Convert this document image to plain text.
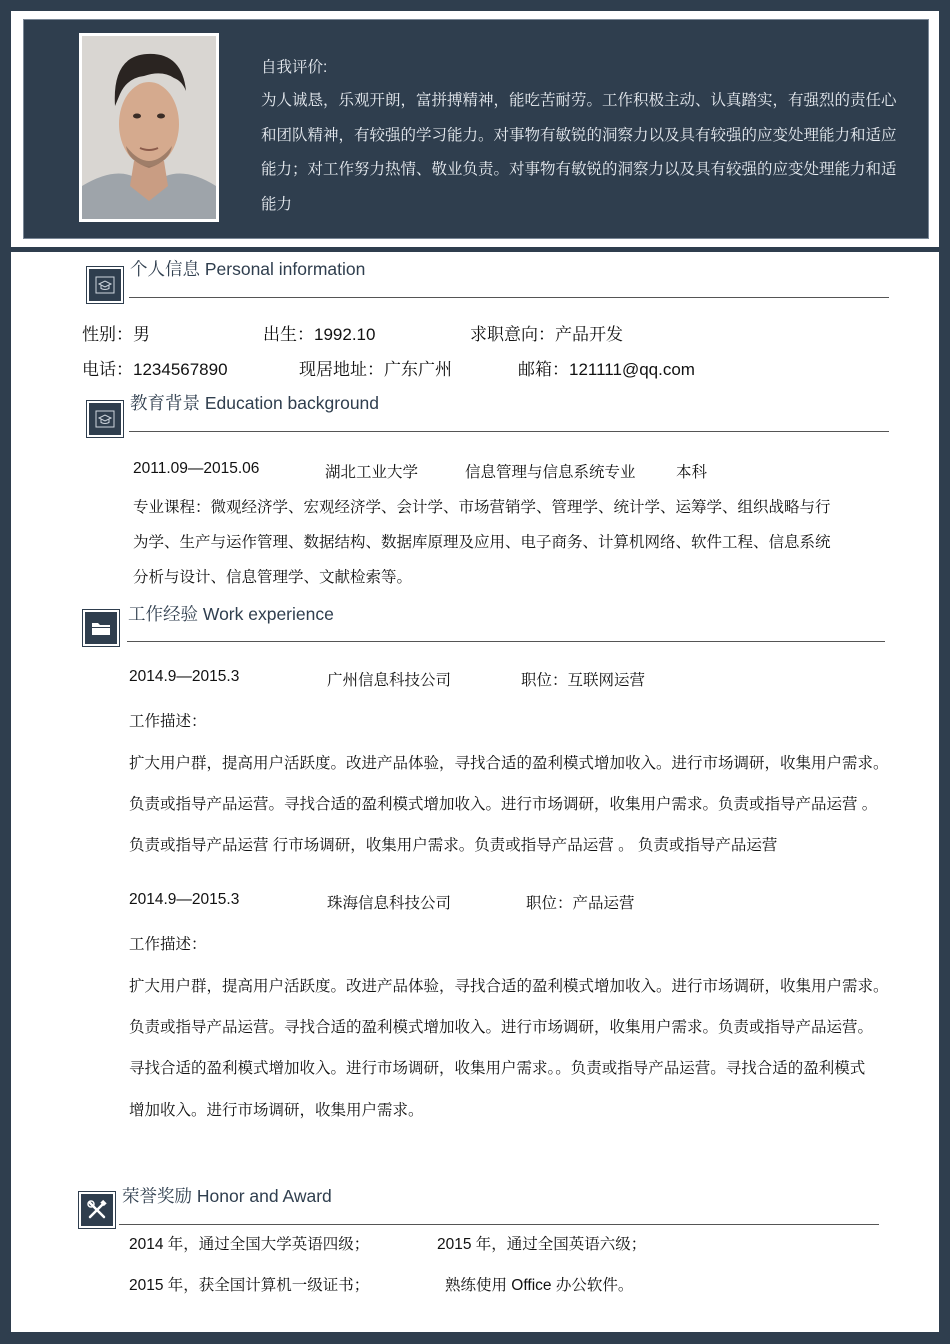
自我评价:
为人诚恳，乐观开朗，富拼搏精神，能吃苦耐劳。工作积极主动、认真踏实，有强烈的责任心和团队精神，有较强的学习能力。对事物有敏锐的洞察力以及具有较强的应变处理能力和适应能力；对工作努力热情、敬业负责。对事物有敏锐的洞察力以及具有较强的应变处理能力和适能力
个人信息 Personal information
性别：男	出生：1992.10	求职意向：产品开发
电话：1234567890	现居地址：广东广州	邮箱：121111@qq.com
教育背景 Education background
2011.09—2015.06	湖北工业大学	信息管理与信息系统专业	本科
专业课程：微观经济学、宏观经济学、会计学、市场营销学、管理学、统计学、运筹学、组织战略与行
为学、生产与运作管理、数据结构、数据库原理及应用、电子商务、计算机网络、软件工程、信息系统
分析与设计、信息管理学、文献检索等。
工作经验 Work experience
2014.9—2015.3	广州信息科技公司	职位：互联网运营
工作描述：
扩大用户群，提高用户活跃度。改进产品体验，寻找合适的盈利模式增加收入。进行市场调研，收集用户需求。
负责或指导产品运营。寻找合适的盈利模式增加收入。进行市场调研，收集用户需求。负责或指导产品运营 。
负责或指导产品运营 行市场调研，收集用户需求。负责或指导产品运营 。 负责或指导产品运营
2014.9—2015.3	珠海信息科技公司	职位：产品运营
工作描述：
扩大用户群，提高用户活跃度。改进产品体验，寻找合适的盈利模式增加收入。进行市场调研，收集用户需求。
负责或指导产品运营。寻找合适的盈利模式增加收入。进行市场调研，收集用户需求。负责或指导产品运营。
寻找合适的盈利模式增加收入。进行市场调研，收集用户需求。。负责或指导产品运营。寻找合适的盈利模式
增加收入。进行市场调研，收集用户需求。
荣誉奖励 Honor and Award
2014 年，通过全国大学英语四级；	2015 年，通过全国英语六级；
2015 年，获全国计算机一级证书；	熟练使用 Office 办公软件。
